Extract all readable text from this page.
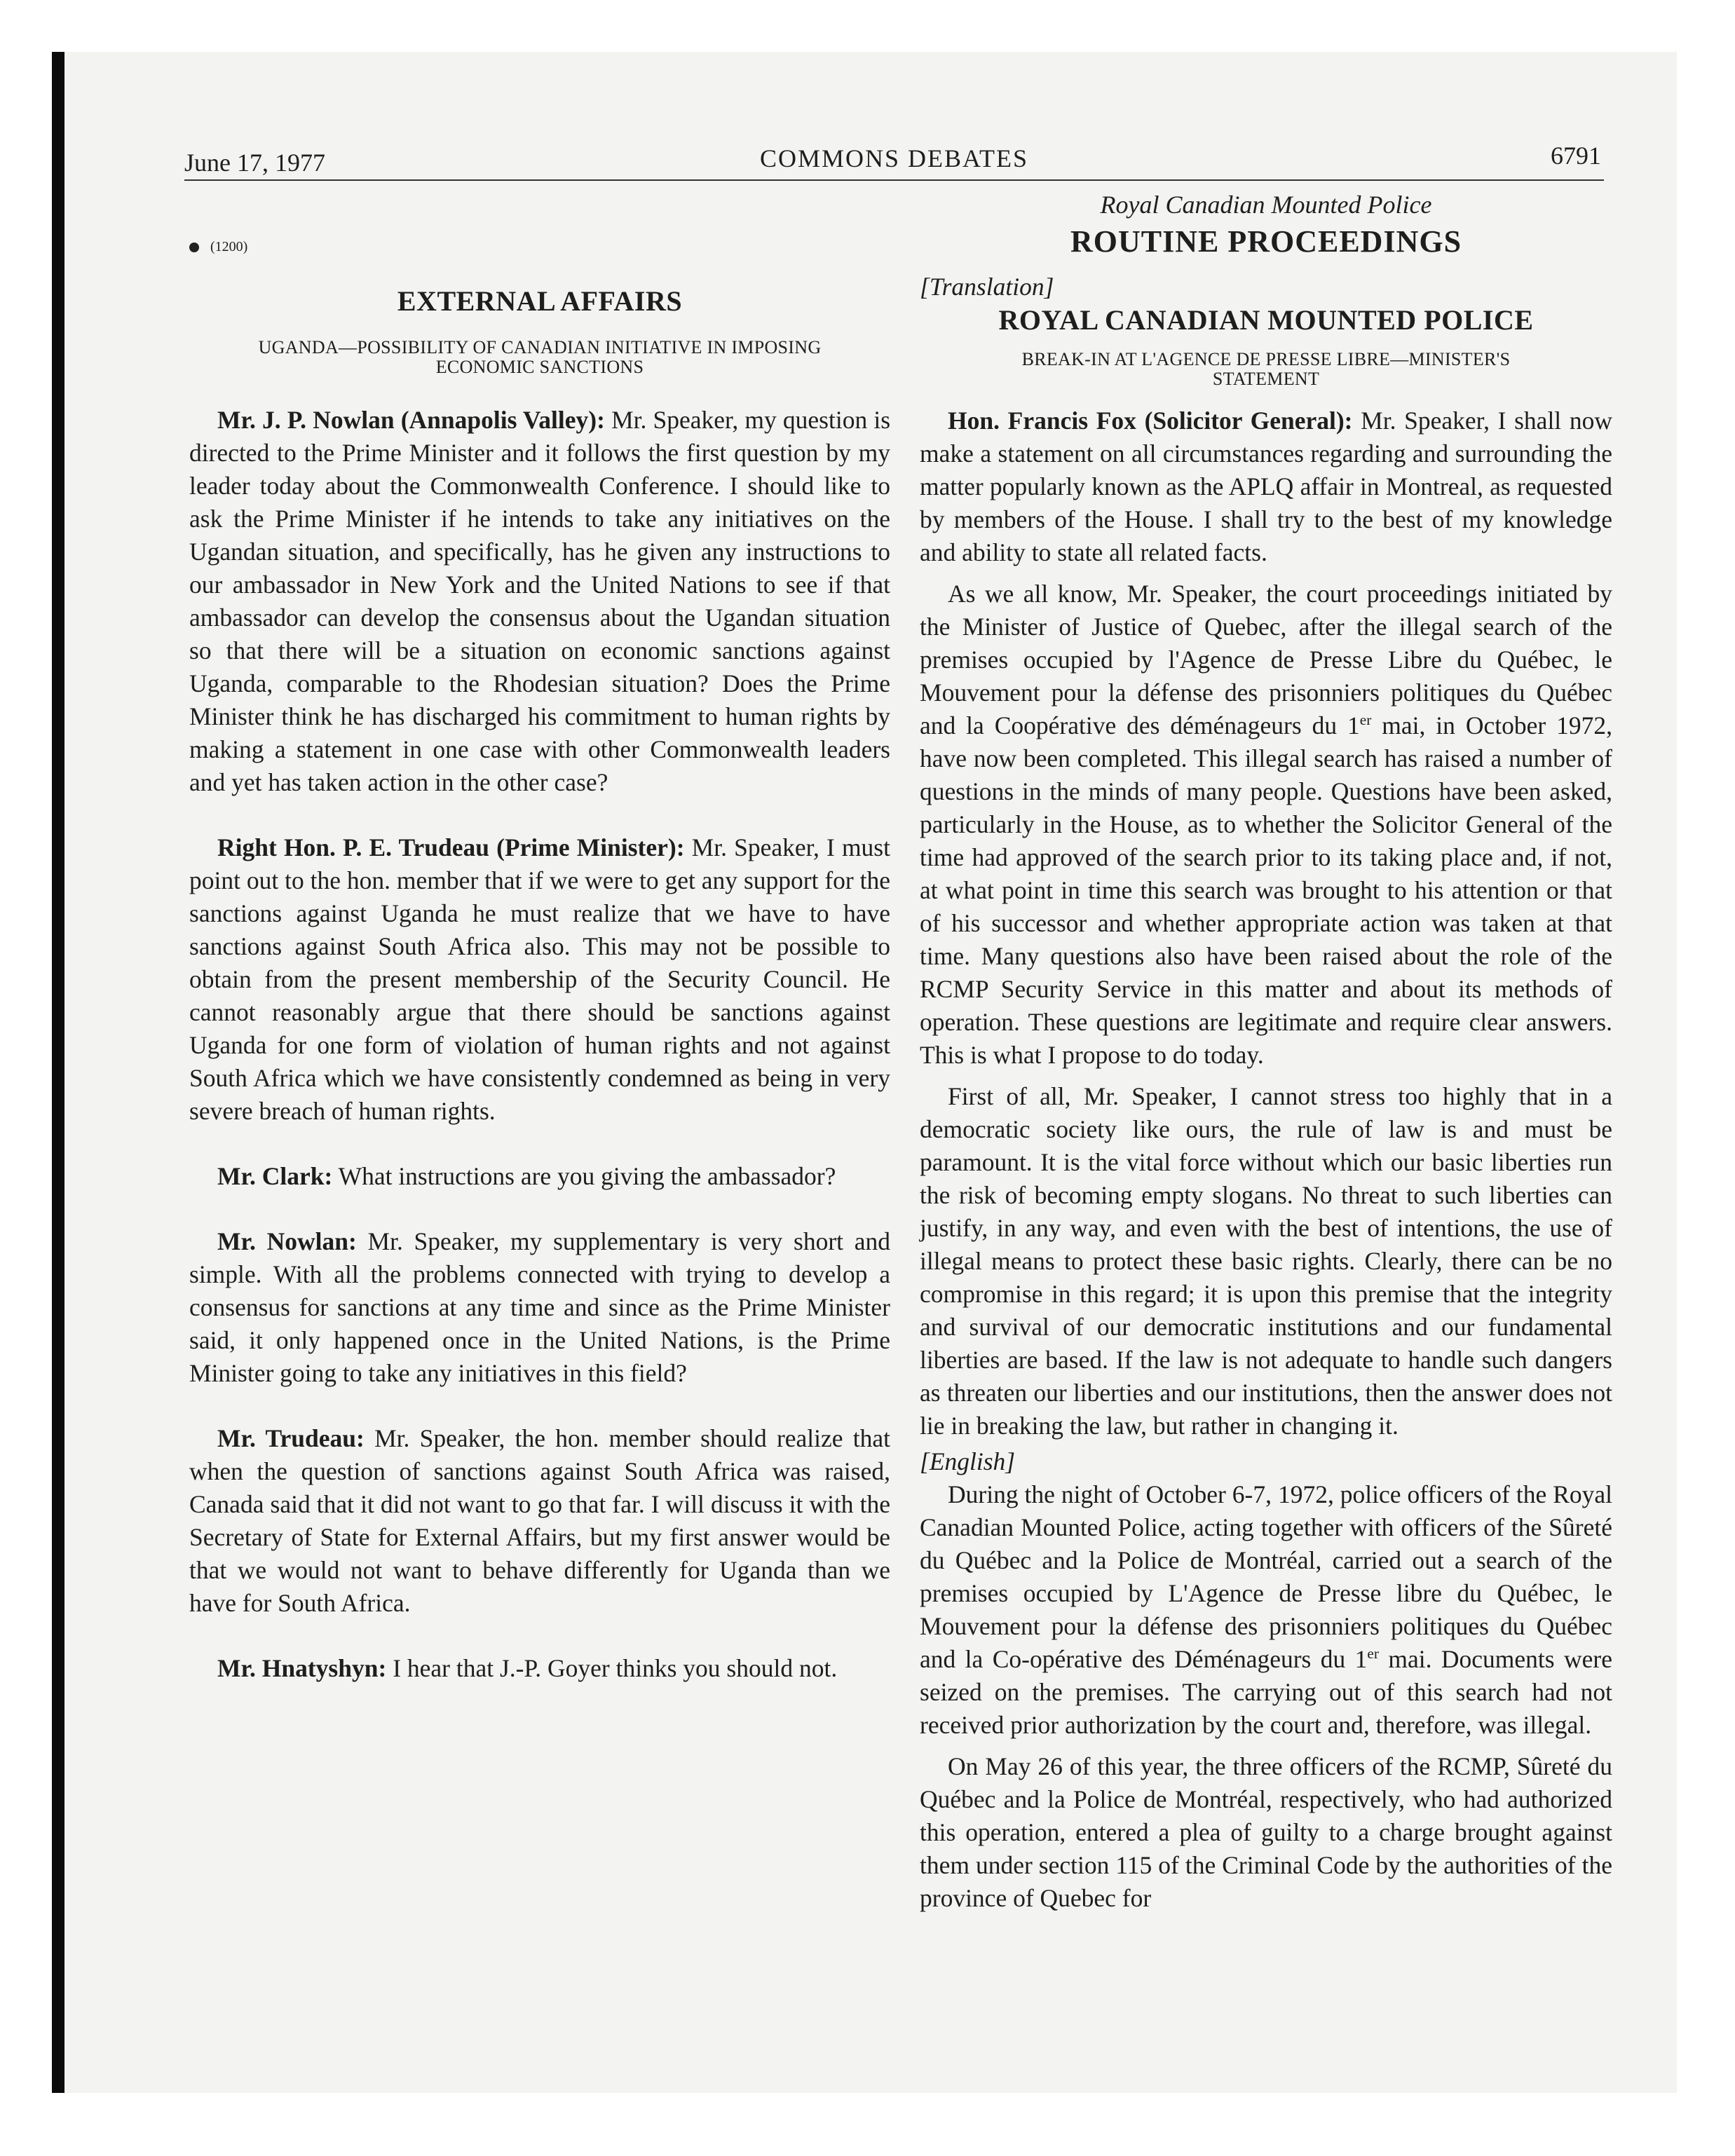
June 17, 1977	COMMONS DEBATES	6791
(1200)
EXTERNAL AFFAIRS
UGANDA—POSSIBILITY OF CANADIAN INITIATIVE IN IMPOSING
ECONOMIC SANCTIONS

Mr. J. P. Nowlan (Annapolis Valley): Mr. Speaker, my question is directed to the Prime Minister and it follows the first question by my leader today about the Commonwealth Conference. I should like to ask the Prime Minister if he intends to take any initiatives on the Ugandan situation, and specifically, has he given any instructions to our ambassador in New York and the United Nations to see if that ambassador can develop the consensus about the Ugandan situation so that there will be a situation on economic sanctions against Uganda, comparable to the Rhodesian situation? Does the Prime Minister think he has discharged his commitment to human rights by making a statement in one case with other Commonwealth leaders and yet has taken action in the other case?

Right Hon. P. E. Trudeau (Prime Minister): Mr. Speaker, I must point out to the hon. member that if we were to get any support for the sanctions against Uganda he must realize that we have to have sanctions against South Africa also. This may not be possible to obtain from the present membership of the Security Council. He cannot reasonably argue that there should be sanctions against Uganda for one form of violation of human rights and not against South Africa which we have consistently condemned as being in very severe breach of human rights.

Mr. Clark: What instructions are you giving the ambassador?

Mr. Nowlan: Mr. Speaker, my supplementary is very short and simple. With all the problems connected with trying to develop a consensus for sanctions at any time and since as the Prime Minister said, it only happened once in the United Nations, is the Prime Minister going to take any initiatives in this field?

Mr. Trudeau: Mr. Speaker, the hon. member should realize that when the question of sanctions against South Africa was raised, Canada said that it did not want to go that far. I will discuss it with the Secretary of State for External Affairs, but my first answer would be that we would not want to behave differently for Uganda than we have for South Africa.

Mr. Hnatyshyn: I hear that J.-P. Goyer thinks you should not.

Royal Canadian Mounted Police
ROUTINE PROCEEDINGS
[Translation]
ROYAL CANADIAN MOUNTED POLICE
BREAK-IN AT L'AGENCE DE PRESSE LIBRE—MINISTER'S
STATEMENT

Hon. Francis Fox (Solicitor General): Mr. Speaker, I shall now make a statement on all circumstances regarding and surrounding the matter popularly known as the APLQ affair in Montreal, as requested by members of the House. I shall try to the best of my knowledge and ability to state all related facts.

As we all know, Mr. Speaker, the court proceedings initiated by the Minister of Justice of Quebec, after the illegal search of the premises occupied by l'Agence de Presse Libre du Québec, le Mouvement pour la défense des prisonniers politiques du Québec and la Coopérative des déménageurs du 1er mai, in October 1972, have now been completed. This illegal search has raised a number of questions in the minds of many people. Questions have been asked, particularly in the House, as to whether the Solicitor General of the time had approved of the search prior to its taking place and, if not, at what point in time this search was brought to his attention or that of his successor and whether appropriate action was taken at that time. Many questions also have been raised about the role of the RCMP Security Service in this matter and about its methods of operation. These questions are legitimate and require clear answers. This is what I propose to do today.

First of all, Mr. Speaker, I cannot stress too highly that in a democratic society like ours, the rule of law is and must be paramount. It is the vital force without which our basic liberties run the risk of becoming empty slogans. No threat to such liberties can justify, in any way, and even with the best of intentions, the use of illegal means to protect these basic rights. Clearly, there can be no compromise in this regard; it is upon this premise that the integrity and survival of our democratic institutions and our fundamental liberties are based. If the law is not adequate to handle such dangers as threaten our liberties and our institutions, then the answer does not lie in breaking the law, but rather in changing it.

[English]

During the night of October 6-7, 1972, police officers of the Royal Canadian Mounted Police, acting together with officers of the Sûreté du Québec and la Police de Montréal, carried out a search of the premises occupied by L'Agence de Presse libre du Québec, le Mouvement pour la défense des prisonniers politiques du Québec and la Co-opérative des Déménageurs du 1er mai. Documents were seized on the premises. The carrying out of this search had not received prior authorization by the court and, therefore, was illegal.

On May 26 of this year, the three officers of the RCMP, Sûreté du Québec and la Police de Montréal, respectively, who had authorized this operation, entered a plea of guilty to a charge brought against them under section 115 of the Criminal Code by the authorities of the province of Quebec for
